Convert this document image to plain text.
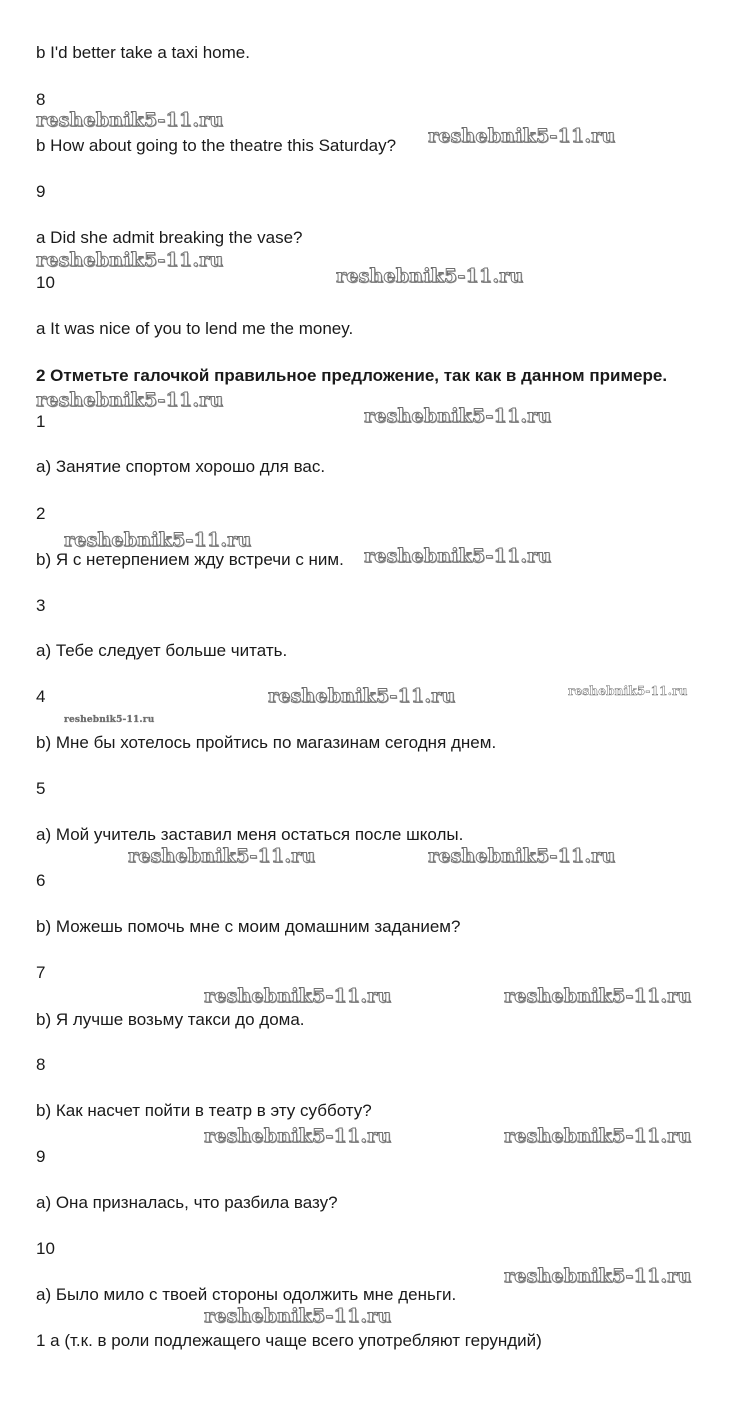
b I'd better take a taxi home.
8
b How about going to the theatre this Saturday?
9
a Did she admit breaking the vase?
10
a It was nice of you to lend me the money.
2 Отметьте галочкой правильное предложение, так как в данном примере.
1
a) Занятие спортом хорошо для вас.
2
b) Я с нетерпением жду встречи с ним.
3
a) Тебе следует больше читать.
4
b) Мне бы хотелось пройтись по магазинам сегодня днем.
5
a) Мой учитель заставил меня остаться после школы.
6
b) Можешь помочь мне с моим домашним заданием?
7
b) Я лучше возьму такси до дома.
8
b) Как насчет пойти в театр в эту субботу?
9
a) Она призналась, что разбила вазу?
10
a) Было мило с твоей стороны одолжить мне деньги.
1 a (т.к. в роли подлежащего чаще всего употребляют герундий)
reshebnik5-11.ru
reshebnik5-11.ru
reshebnik5-11.ru
reshebnik5-11.ru
reshebnik5-11.ru
reshebnik5-11.ru
reshebnik5-11.ru
reshebnik5-11.ru
reshebnik5-11.ru	reshebnik5-11.ru
reshebnik5-11.ru
reshebnik5-11.ru	reshebnik5-11.ru
reshebnik5-11.ru	reshebnik5-11.ru
reshebnik5-11.ru	reshebnik5-11.ru
reshebnik5-11.ru
reshebnik5-11.ru
